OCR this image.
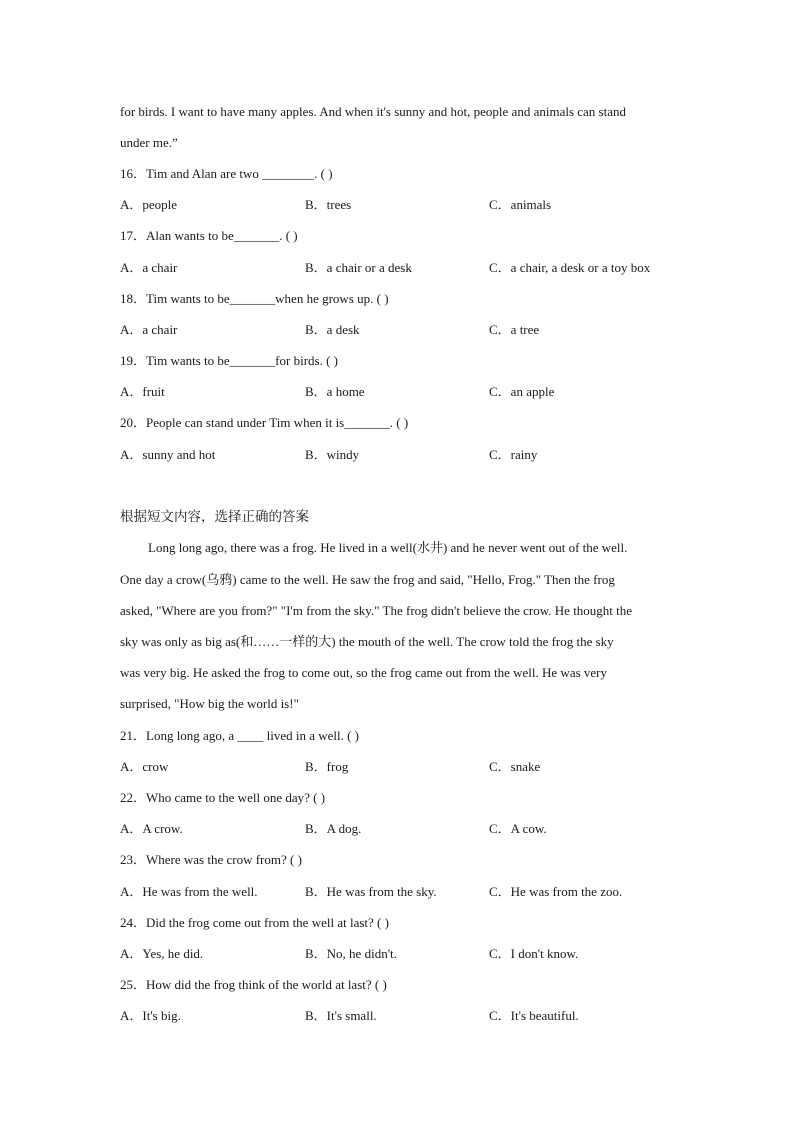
for birds. I want to have many apples. And when it's sunny and hot, people and animals can stand
under me.”
16．Tim and Alan are two ________. ( )
A．people	B．trees	C．animals
17．Alan wants to be_______. ( )
A．a chair	B．a chair or a desk	C．a chair, a desk or a toy box
18．Tim wants to be_______when he grows up. ( )
A．a chair	B．a desk	C．a tree
19．Tim wants to be_______for birds. ( )
A．fruit	B．a home	C．an apple
20．People can stand under Tim when it is_______. ( )
A．sunny and hot	B．windy	C．rainy
根据短文内容，选择正确的答案
Long long ago, there was a frog. He lived in a well(水井) and he never went out of the well.
One day a crow(乌鸦) came to the well. He saw the frog and said, "Hello, Frog." Then the frog
asked, "Where are you from?" "I'm from the sky." The frog didn't believe the crow. He thought the
sky was only as big as(和……一样的大) the mouth of the well. The crow told the frog the sky
was very big. He asked the frog to come out, so the frog came out from the well. He was very
surprised, "How big the world is!"
21．Long long ago, a ____ lived in a well. ( )
A．crow	B．frog	C．snake
22．Who came to the well one day? ( )
A．A crow.	B．A dog.	C．A cow.
23．Where was the crow from? ( )
A．He was from the well.	B．He was from the sky.	C．He was from the zoo.
24．Did the frog come out from the well at last? ( )
A．Yes, he did.	B．No, he didn't.	C．I don't know.
25．How did the frog think of the world at last? ( )
A．It's big.	B．It's small.	C．It's beautiful.
